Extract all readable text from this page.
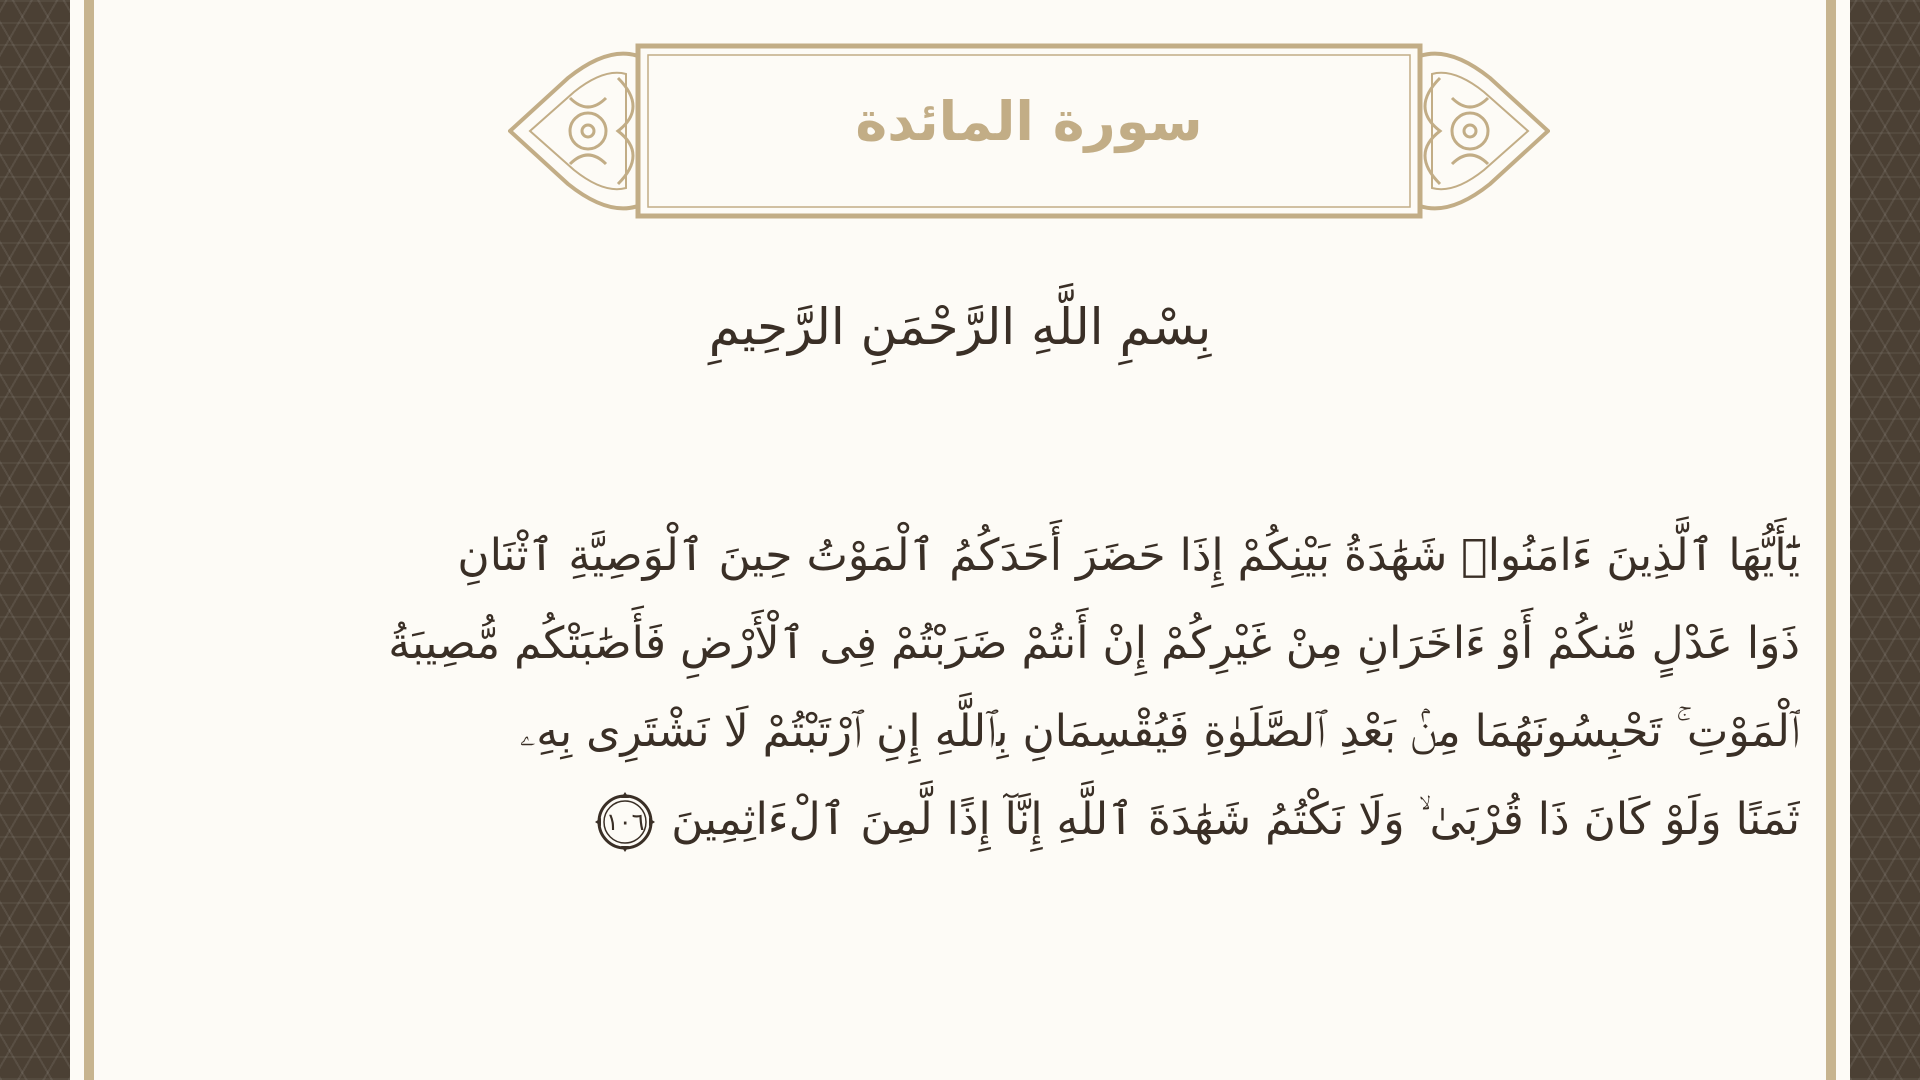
سورة المائدة
بِسْمِ اللَّهِ الرَّحْمَنِ الرَّحِيمِ
يَٰٓأَيُّهَا ٱلَّذِينَ ءَامَنُوا۟ شَهَٰدَةُ بَيْنِكُمْ إِذَا حَضَرَ أَحَدَكُمُ ٱلْمَوْتُ حِينَ ٱلْوَصِيَّةِ ٱثْنَانِ
ذَوَا عَدْلٍ مِّنكُمْ أَوْ ءَاخَرَانِ مِنْ غَيْرِكُمْ إِنْ أَنتُمْ ضَرَبْتُمْ فِى ٱلْأَرْضِ فَأَصَٰبَتْكُم مُّصِيبَةُ
ٱلْمَوْتِ ۚ تَحْبِسُونَهُمَا مِنۢ بَعْدِ ٱلصَّلَوٰةِ فَيُقْسِمَانِ بِٱللَّهِ إِنِ ٱرْتَبْتُمْ لَا نَشْتَرِى بِهِۦ
ثَمَنًا وَلَوْ كَانَ ذَا قُرْبَىٰ ۙ وَلَا نَكْتُمُ شَهَٰدَةَ ٱللَّهِ إِنَّآ إِذًا لَّمِنَ ٱلْءَاثِمِينَ
١٠٦
